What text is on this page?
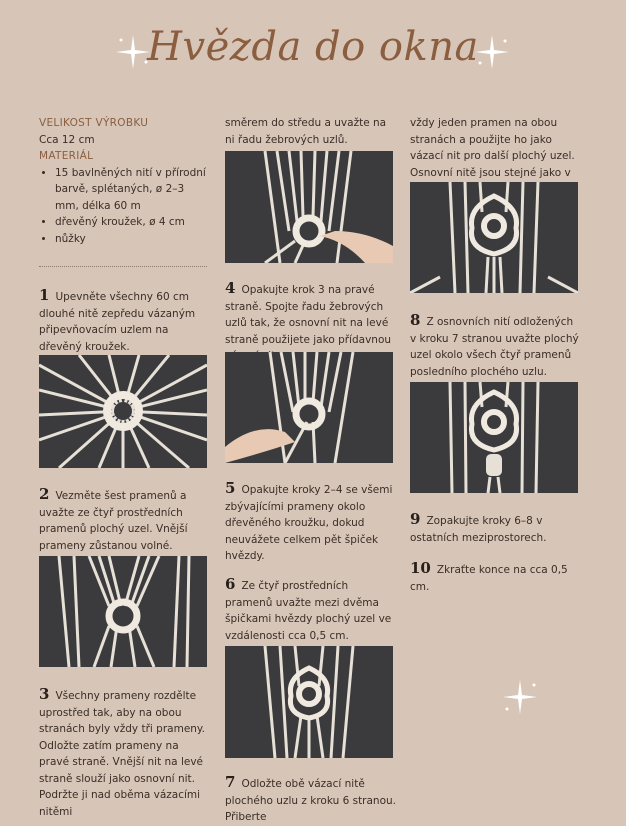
Hvězda do okna
VELIKOST VÝROBKU
Cca 12 cm
MATERIÁL
• 15 bavlněných nití v přírodní barvě, splétaných, ø 2–3 mm, délka 60 m
• dřevěný kroužek, ø 4 cm
• nůžky
1 Upevněte všechny 60 cm dlouhé nitě zepředu vázaným připevňovacím uzlem na dřevěný kroužek.
2 Vezměte šest pramenů a uvažte ze čtyř prostředních pramenů plochý uzel. Vnější prameny zůstanou volné.
3 Všechny prameny rozdělte uprostřed tak, aby na obou stranách byly vždy tři prameny. Odložte zatím prameny na pravé straně. Vnější nit na levé straně slouží jako osnovní nit. Podržte ji nad oběma vázacími nitěmi
směrem do středu a uvažte na ni řadu žebrových uzlů.
4 Opakujte krok 3 na pravé straně. Spojte řadu žebrových uzlů tak, že osnovní nit na levé straně použijete jako přídavnou
5 Opakujte kroky 2–4 se všemi zbývajícími prameny okolo dřevěného kroužku, dokud neuvážete celkem pět špiček hvězdy.
6 Ze čtyř prostředních pramenů uvažte mezi dvěma špičkami hvězdy plochý uzel ve vzdálenosti cca 0,5 cm.
7 Odložte obě vázací nitě plochého uzlu z kroku 6 stranou. Přiberte
vždy jeden pramen na obou stranách a použijte ho jako vázací nit pro další plochý uzel. Osnovní nitě jsou stejné jako v
8 Z osnovních nití odložených v kroku 7 stranou uvažte plochý uzel okolo všech čtyř pramenů posledního plochého uzlu.
9 Zopakujte kroky 6–8 v ostatních meziprostorech.
10 Zkraťte konce na cca 0,5 cm.
